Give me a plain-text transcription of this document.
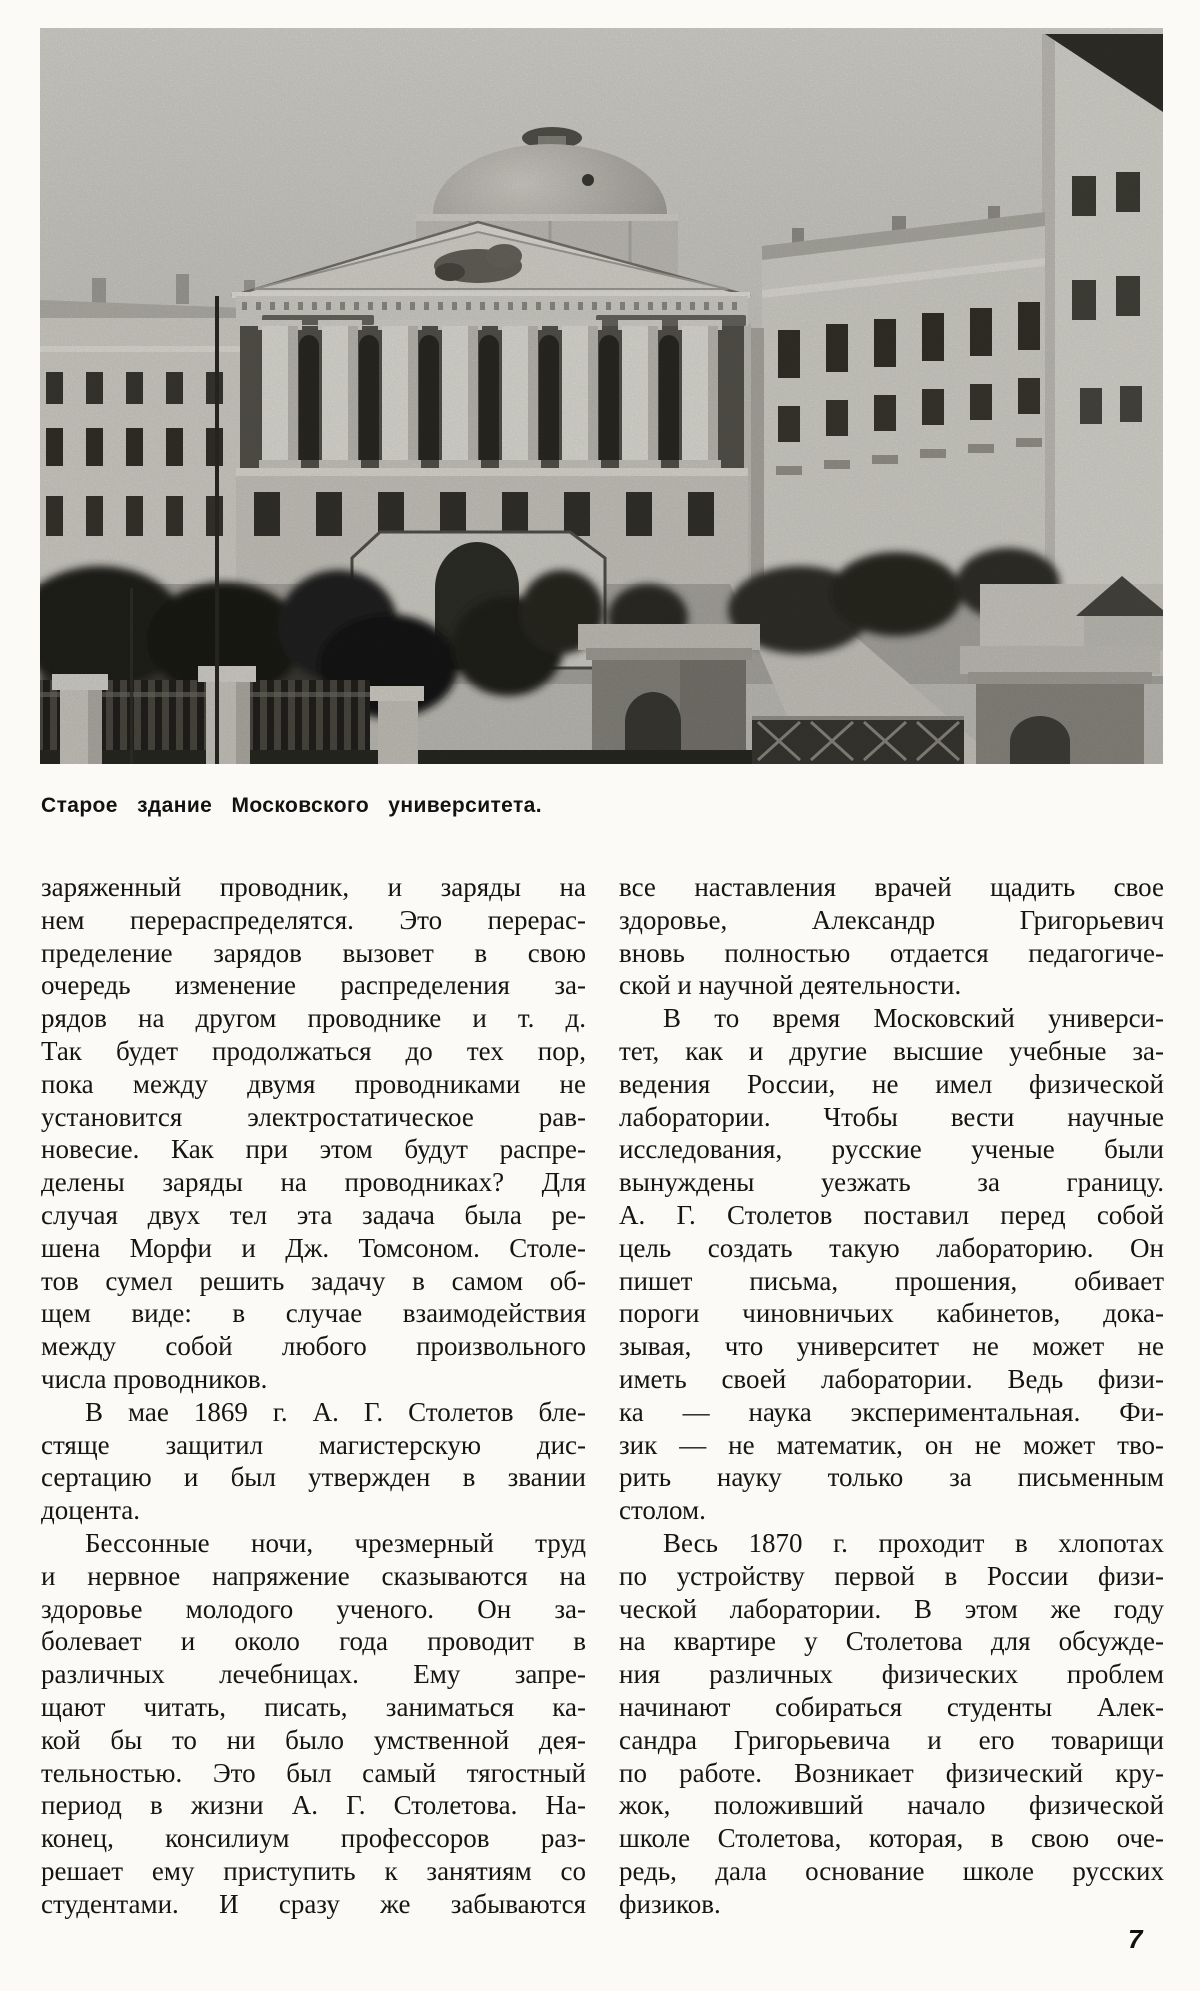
Старое здание Московского университета.
заряженный проводник, и заряды на
нем перераспределятся. Это перерас-
пределение зарядов вызовет в свою
очередь изменение распределения за-
рядов на другом проводнике и т. д.
Так будет продолжаться до тех пор,
пока между двумя проводниками не
установится электростатическое рав-
новесие. Как при этом будут распре-
делены заряды на проводниках? Для
случая двух тел эта задача была ре-
шена Морфи и Дж. Томсоном. Столе-
тов сумел решить задачу в самом об-
щем виде: в случае взаимодействия
между собой любого произвольного
числа проводников.
В мае 1869 г. А. Г. Столетов бле-
стяще защитил магистерскую дис-
сертацию и был утвержден в звании
доцента.
Бессонные ночи, чрезмерный труд
и нервное напряжение сказываются на
здоровье молодого ученого. Он за-
болевает и около года проводит в
различных лечебницах. Ему запре-
щают читать, писать, заниматься ка-
кой бы то ни было умственной дея-
тельностью. Это был самый тягостный
период в жизни А. Г. Столетова. На-
конец, консилиум профессоров раз-
решает ему приступить к занятиям со
студентами. И сразу же забываются
все наставления врачей щадить свое
здоровье, Александр Григорьевич
вновь полностью отдается педагогиче-
ской и научной деятельности.
В то время Московский универси-
тет, как и другие высшие учебные за-
ведения России, не имел физической
лаборатории. Чтобы вести научные
исследования, русские ученые были
вынуждены уезжать за границу.
А. Г. Столетов поставил перед собой
цель создать такую лабораторию. Он
пишет письма, прошения, обивает
пороги чиновничьих кабинетов, дока-
зывая, что университет не может не
иметь своей лаборатории. Ведь физи-
ка — наука экспериментальная. Фи-
зик — не математик, он не может тво-
рить науку только за письменным
столом.
Весь 1870 г. проходит в хлопотах
по устройству первой в России физи-
ческой лаборатории. В этом же году
на квартире у Столетова для обсужде-
ния различных физических проблем
начинают собираться студенты Алек-
сандра Григорьевича и его товарищи
по работе. Возникает физический кру-
жок, положивший начало физической
школе Столетова, которая, в свою оче-
редь, дала основание школе русских
физиков.
7
